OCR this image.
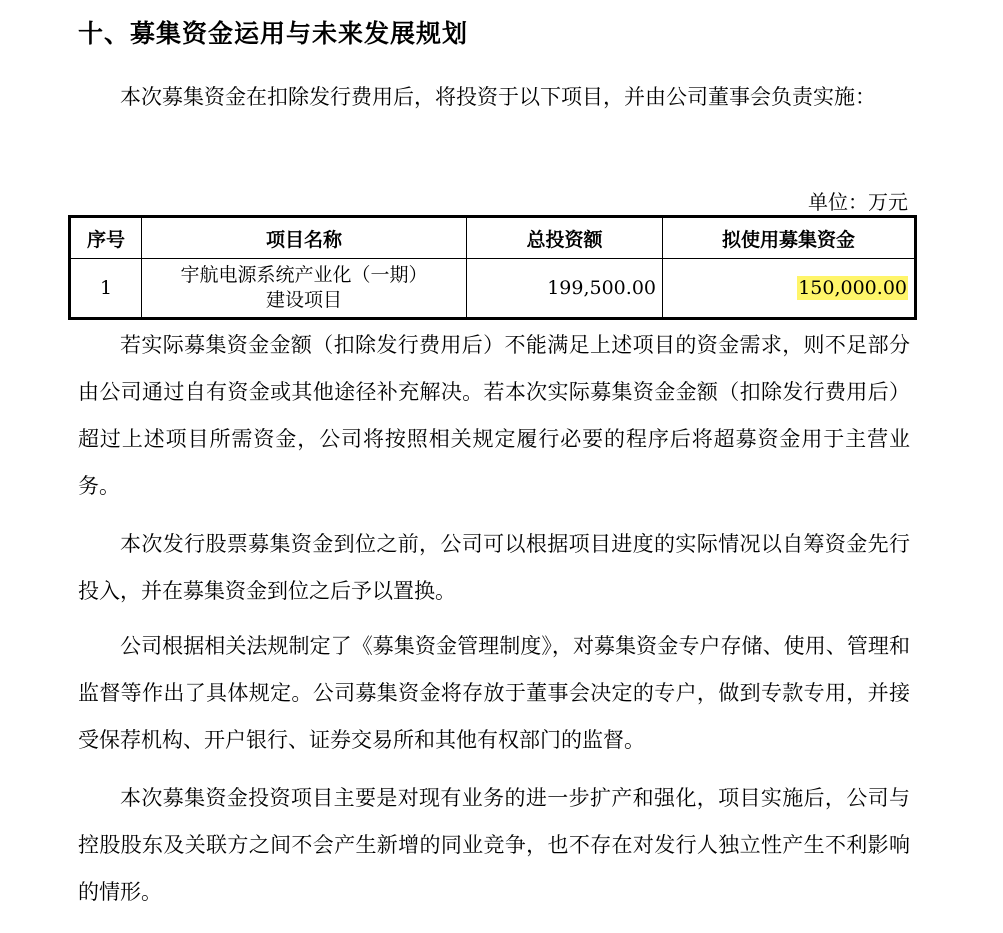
十、募集资金运用与未来发展规划

本次募集资金在扣除发行费用后，将投资于以下项目，并由公司董事会负责实施：

单位：万元
序号	项目名称	总投资额	拟使用募集资金
1	宇航电源系统产业化（一期）
建设项目	199,500.00	150,000.00

若实际募集资金金额（扣除发行费用后）不能满足上述项目的资金需求，则不足部分由公司通过自有资金或其他途径补充解决。若本次实际募集资金金额（扣除发行费用后）超过上述项目所需资金，公司将按照相关规定履行必要的程序后将超募资金用于主营业务。

本次发行股票募集资金到位之前，公司可以根据项目进度的实际情况以自筹资金先行投入，并在募集资金到位之后予以置换。

公司根据相关法规制定了《募集资金管理制度》，对募集资金专户存储、使用、管理和监督等作出了具体规定。公司募集资金将存放于董事会决定的专户，做到专款专用，并接受保荐机构、开户银行、证券交易所和其他有权部门的监督。

本次募集资金投资项目主要是对现有业务的进一步扩产和强化，项目实施后，公司与控股股东及关联方之间不会产生新增的同业竞争，也不存在对发行人独立性产生不利影响的情形。
